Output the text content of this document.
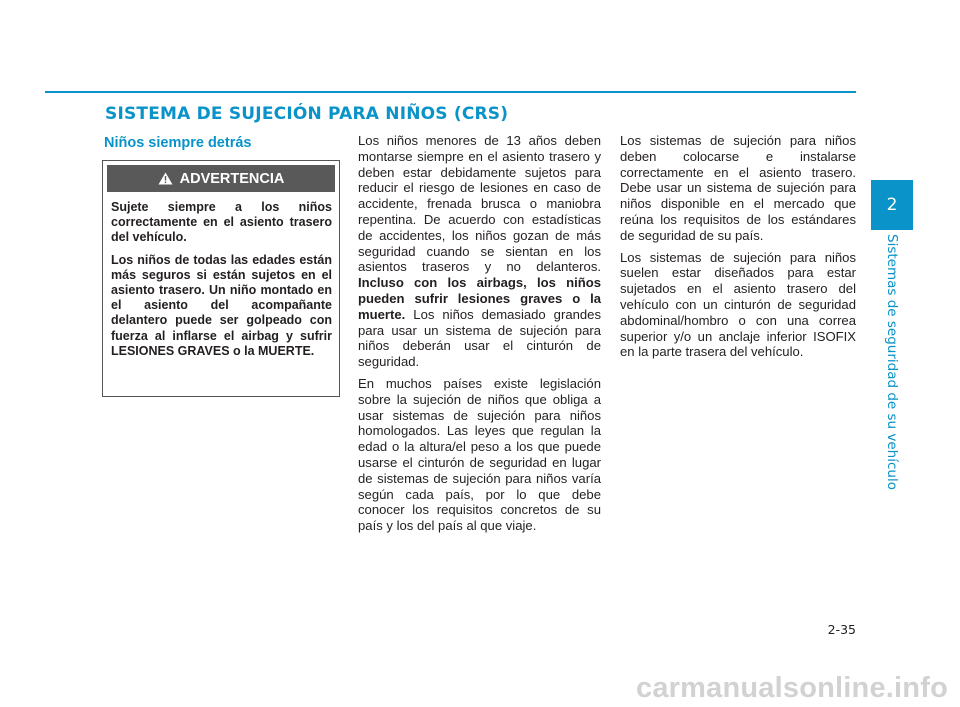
SISTEMA DE SUJECIÓN PARA NIÑOS (CRS)
Niños siempre detrás
ADVERTENCIA

Sujete siempre a los niños correctamente en el asiento trasero del vehículo.

Los niños de todas las edades están más seguros si están sujetos en el asiento trasero. Un niño montado en el asiento del acompañante delantero puede ser golpeado con fuerza al inflarse el airbag y sufrir LESIONES GRAVES o la MUERTE.

Los niños menores de 13 años deben montarse siempre en el asiento trasero y deben estar debidamente sujetos para reducir el riesgo de lesiones en caso de accidente, frenada brusca o maniobra repentina. De acuerdo con estadísticas de accidentes, los niños gozan de más seguridad cuando se sientan en los asientos traseros y no delanteros. Incluso con los airbags, los niños pueden sufrir lesiones graves o la muerte. Los niños demasiado grandes para usar un sistema de sujeción para niños deberán usar el cinturón de seguridad.

En muchos países existe legislación sobre la sujeción de niños que obliga a usar sistemas de sujeción para niños homologados. Las leyes que regulan la edad o la altura/el peso a los que puede usarse el cinturón de seguridad en lugar de sistemas de sujeción para niños varía según cada país, por lo que debe conocer los requisitos concretos de su país y los del país al que viaje.

Los sistemas de sujeción para niños deben colocarse e instalarse correctamente en el asiento trasero. Debe usar un sistema de sujeción para niños disponible en el mercado que reúna los requisitos de los estándares de seguridad de su país.

Los sistemas de sujeción para niños suelen estar diseñados para estar sujetados en el asiento trasero del vehículo con un cinturón de seguridad abdominal/hombro o con una correa superior y/o un anclaje inferior ISOFIX en la parte trasera del vehículo.

2
Sistemas de seguridad de su vehículo
2-35
carmanualsonline.info
